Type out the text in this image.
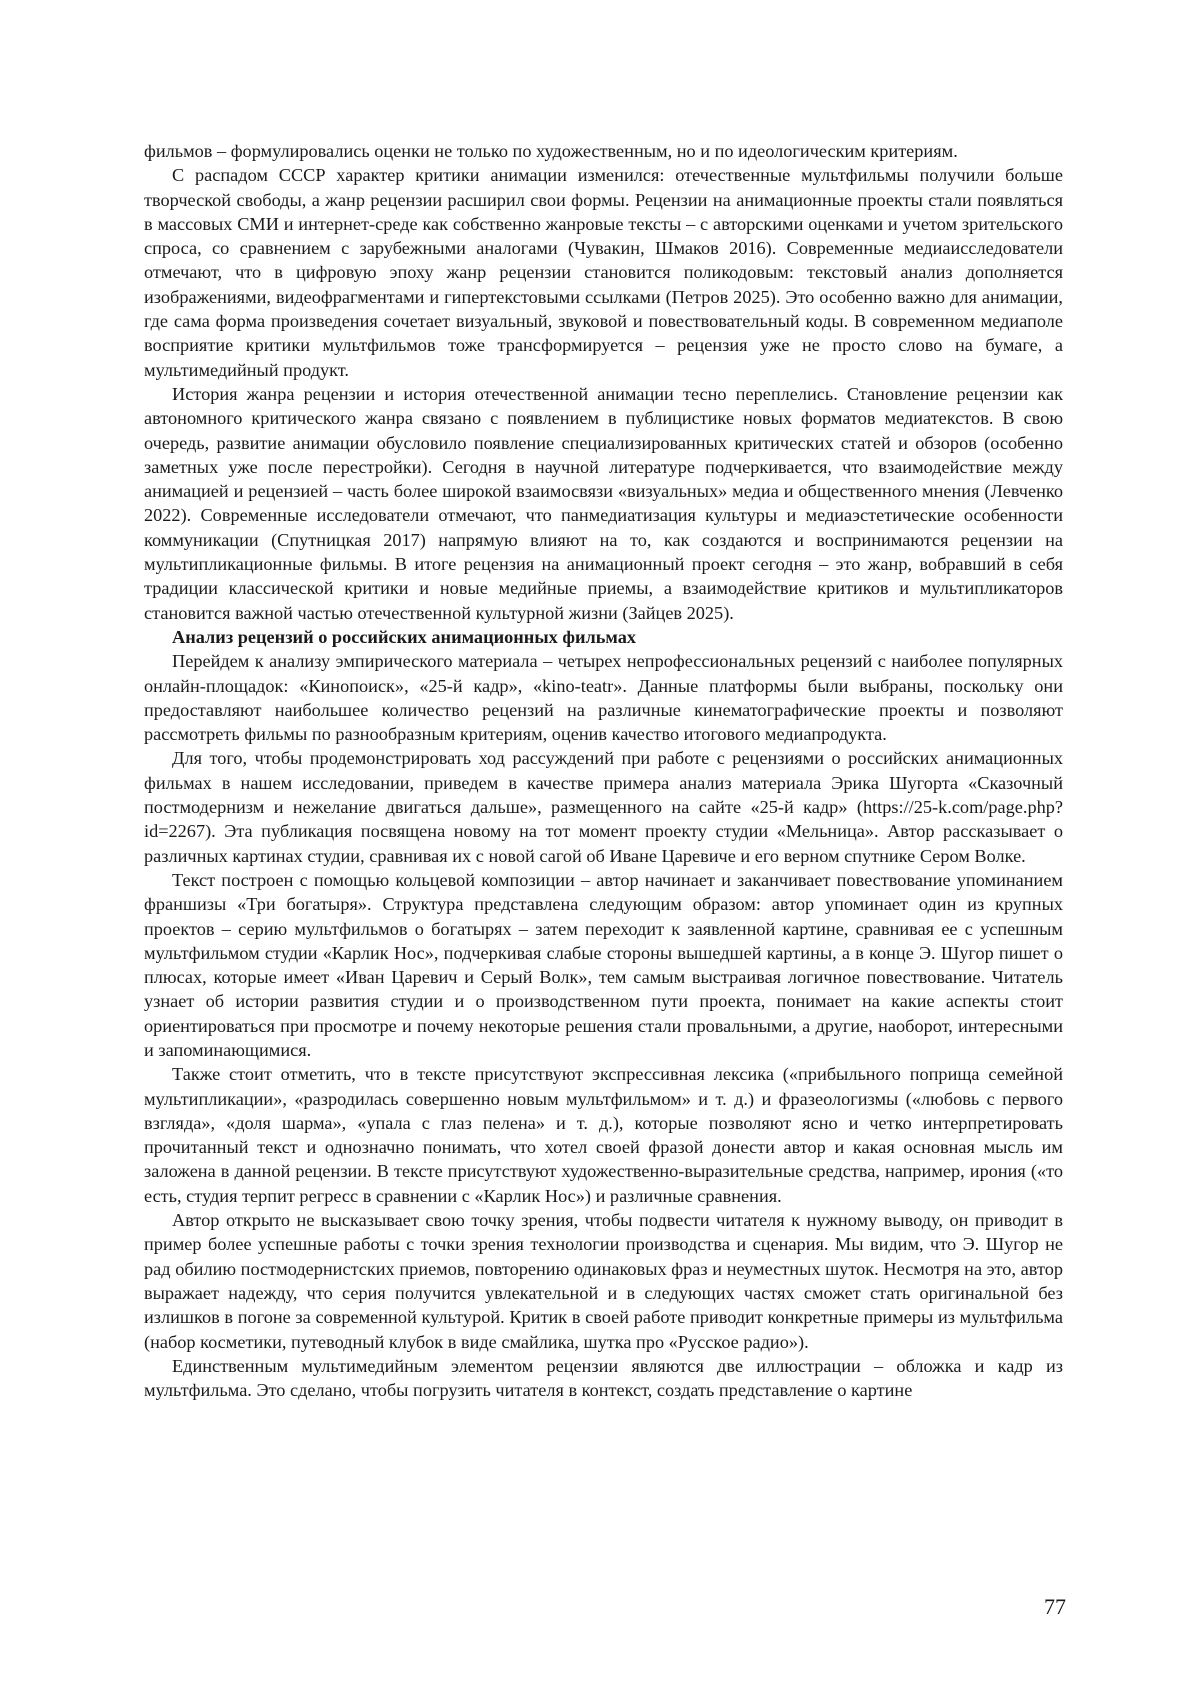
фильмов – формулировались оценки не только по художественным, но и по идеологическим критериям.

С распадом СССР характер критики анимации изменился: отечественные мультфильмы получили больше творческой свободы, а жанр рецензии расширил свои формы. Рецензии на анимационные проекты стали появляться в массовых СМИ и интернет-среде как собственно жанровые тексты – с авторскими оценками и учетом зрительского спроса, со сравнением с зарубежными аналогами (Чувакин, Шмаков 2016). Современные медиаисследователи отмечают, что в цифровую эпоху жанр рецензии становится поликодовым: текстовый анализ дополняется изображениями, видеофрагментами и гипертекстовыми ссылками (Петров 2025). Это особенно важно для анимации, где сама форма произведения сочетает визуальный, звуковой и повествовательный коды. В современном медиаполе восприятие критики мультфильмов тоже трансформируется – рецензия уже не просто слово на бумаге, а мультимедийный продукт.

История жанра рецензии и история отечественной анимации тесно переплелись. Становление рецензии как автономного критического жанра связано с появлением в публицистике новых форматов медиатекстов. В свою очередь, развитие анимации обусловило появление специализированных критических статей и обзоров (особенно заметных уже после перестройки). Сегодня в научной литературе подчеркивается, что взаимодействие между анимацией и рецензией – часть более широкой взаимосвязи «визуальных» медиа и общественного мнения (Левченко 2022). Современные исследователи отмечают, что панмедиатизация культуры и медиаэстетические особенности коммуникации (Спутницкая 2017) напрямую влияют на то, как создаются и воспринимаются рецензии на мультипликационные фильмы. В итоге рецензия на анимационный проект сегодня – это жанр, вобравший в себя традиции классической критики и новые медийные приемы, а взаимодействие критиков и мультипликаторов становится важной частью отечественной культурной жизни (Зайцев 2025).

Анализ рецензий о российских анимационных фильмах

Перейдем к анализу эмпирического материала – четырех непрофессиональных рецензий с наиболее популярных онлайн-площадок: «Кинопоиск», «25-й кадр», «kino-teatr». Данные платформы были выбраны, поскольку они предоставляют наибольшее количество рецензий на различные кинематографические проекты и позволяют рассмотреть фильмы по разнообразным критериям, оценив качество итогового медиапродукта.

Для того, чтобы продемонстрировать ход рассуждений при работе с рецензиями о российских анимационных фильмах в нашем исследовании, приведем в качестве примера анализ материала Эрика Шугорта «Сказочный постмодернизм и нежелание двигаться дальше», размещенного на сайте «25-й кадр» (https://25-k.com/page.php?id=2267). Эта публикация посвящена новому на тот момент проекту студии «Мельница». Автор рассказывает о различных картинах студии, сравнивая их с новой сагой об Иване Царевиче и его верном спутнике Сером Волке.

Текст построен с помощью кольцевой композиции – автор начинает и заканчивает повествование упоминанием франшизы «Три богатыря». Структура представлена следующим образом: автор упоминает один из крупных проектов – серию мультфильмов о богатырях – затем переходит к заявленной картине, сравнивая ее с успешным мультфильмом студии «Карлик Нос», подчеркивая слабые стороны вышедшей картины, а в конце Э. Шугор пишет о плюсах, которые имеет «Иван Царевич и Серый Волк», тем самым выстраивая логичное повествование. Читатель узнает об истории развития студии и о производственном пути проекта, понимает на какие аспекты стоит ориентироваться при просмотре и почему некоторые решения стали провальными, а другие, наоборот, интересными и запоминающимися.

Также стоит отметить, что в тексте присутствуют экспрессивная лексика («прибыльного поприща семейной мультипликации», «разродилась совершенно новым мультфильмом» и т. д.) и фразеологизмы («любовь с первого взгляда», «доля шарма», «упала с глаз пелена» и т. д.), которые позволяют ясно и четко интерпретировать прочитанный текст и однозначно понимать, что хотел своей фразой донести автор и какая основная мысль им заложена в данной рецензии. В тексте присутствуют художественно-выразительные средства, например, ирония («то есть, студия терпит регресс в сравнении с «Карлик Нос») и различные сравнения.

Автор открыто не высказывает свою точку зрения, чтобы подвести читателя к нужному выводу, он приводит в пример более успешные работы с точки зрения технологии производства и сценария. Мы видим, что Э. Шугор не рад обилию постмодернистских приемов, повторению одинаковых фраз и неуместных шуток. Несмотря на это, автор выражает надежду, что серия получится увлекательной и в следующих частях сможет стать оригинальной без излишков в погоне за современной культурой. Критик в своей работе приводит конкретные примеры из мультфильма (набор косметики, путеводный клубок в виде смайлика, шутка про «Русское радио»).

Единственным мультимедийным элементом рецензии являются две иллюстрации – обложка и кадр из мультфильма. Это сделано, чтобы погрузить читателя в контекст, создать представление о картине

77
